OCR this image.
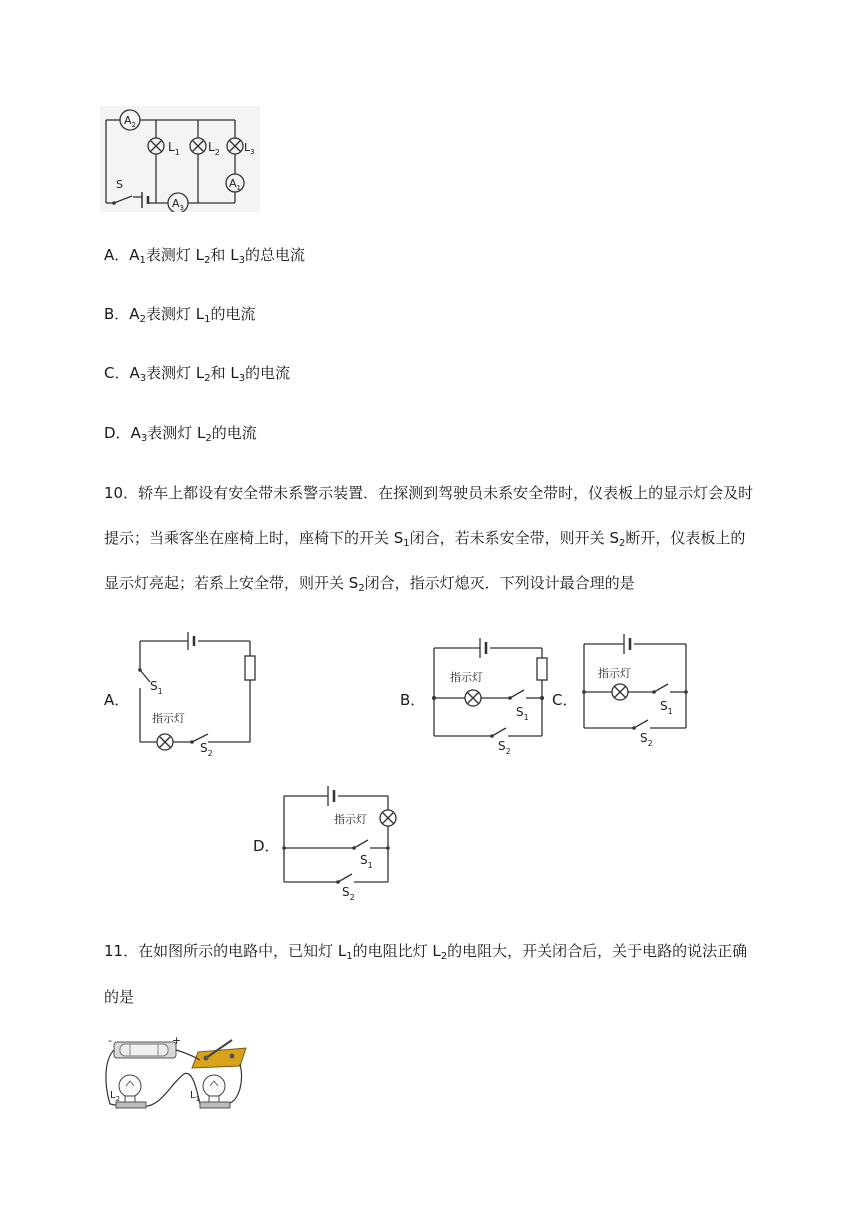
$A_2$
$A_3$
$A_1$
$L_1$ $L_2$ $L_3$
S
A．$A_1$表测灯 $L_2$和 $L_3$的总电流
B．$A_2$表测灯 $L_1$的电流
C．$A_3$表测灯 $L_2$和 $L_3$的电流
D．$A_3$表测灯 $L_2$的电流
10．轿车上都设有安全带未系警示装置．在探测到驾驶员未系安全带时，仪表板上的显示灯会及时
提示；当乘客坐在座椅上时，座椅下的开关 $S_1$闭合，若未系安全带，则开关 $S_2$断开，仪表板上的
显示灯亮起；若系上安全带，则开关 $S_2$闭合，指示灯熄灭．下列设计最合理的是
A．
$S_1$
指示灯
$S_2$
B．
指示灯
$S_1$
$S_2$
C．
指示灯
$S_1$
$S_2$
D．
指示灯
$S_1$
$S_2$
11．在如图所示的电路中，已知灯 $L_1$的电阻比灯 $L_2$的电阻大，开关闭合后，关于电路的说法正确
的是
-	+
$L_2$	$L_1$
